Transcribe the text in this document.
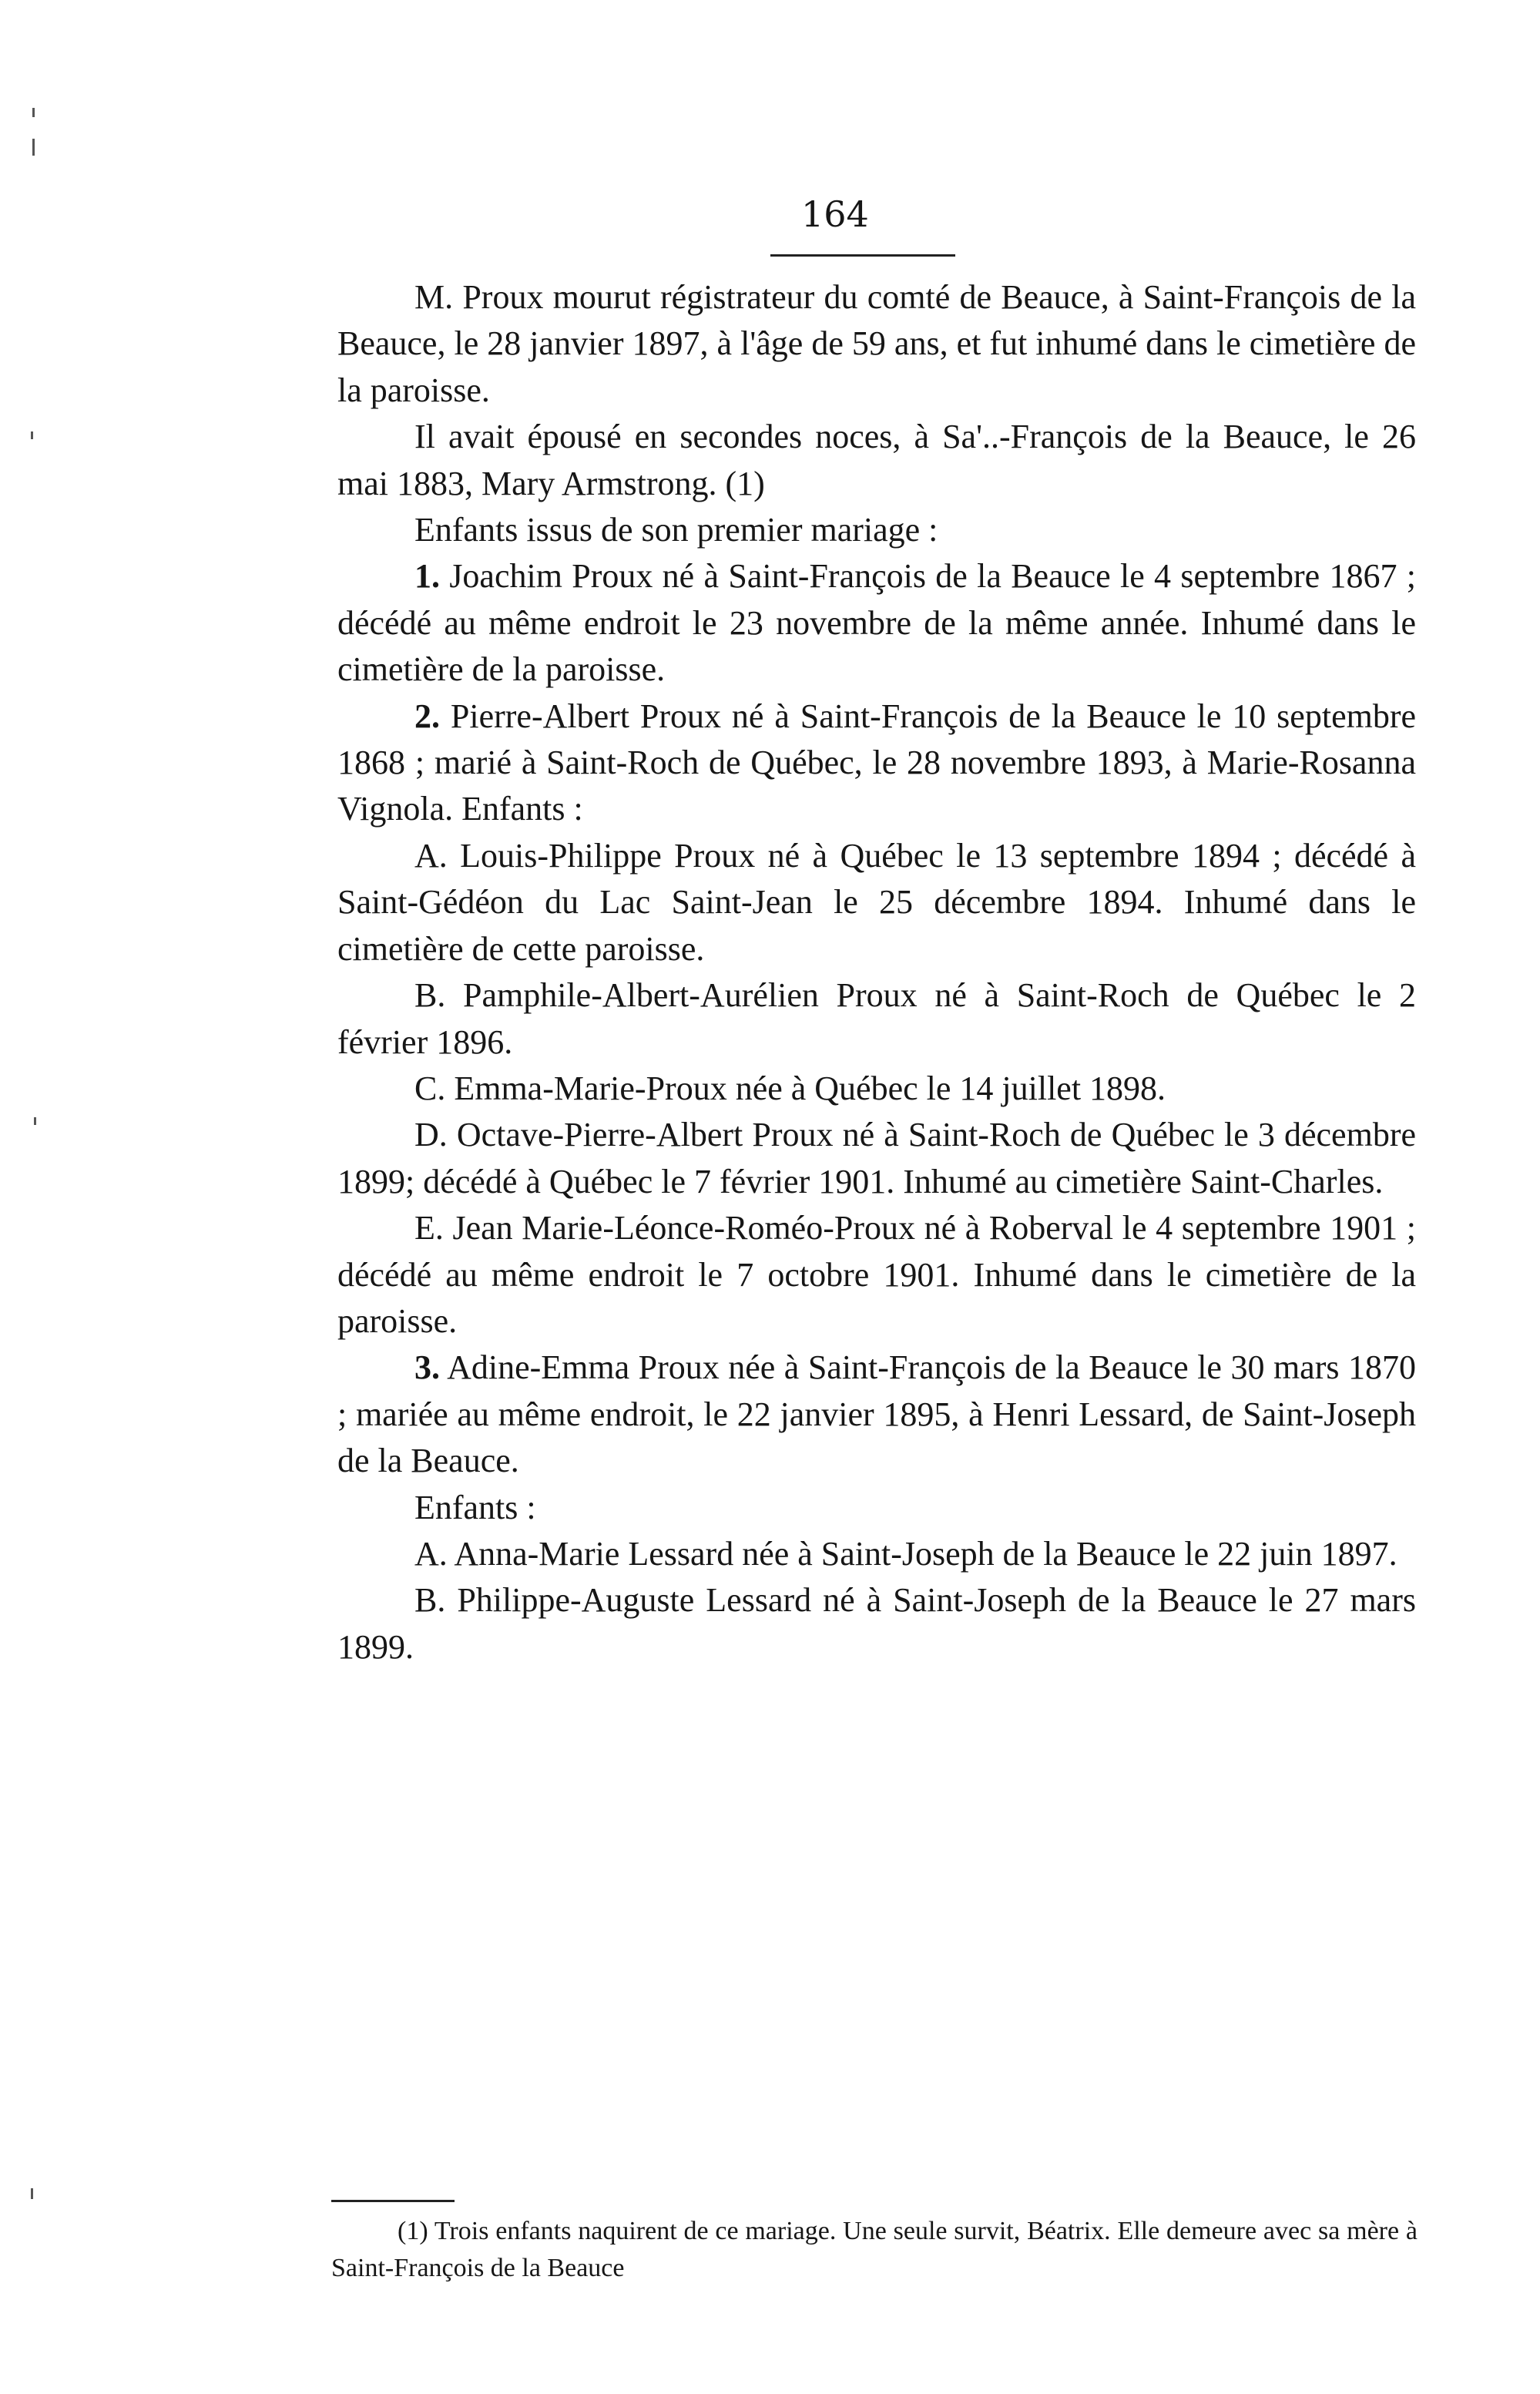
164

M. Proux mourut régistrateur du comté de Beauce, à Saint-François de la Beauce, le 28 janvier 1897, à l'âge de 59 ans, et fut inhumé dans le cimetière de la paroisse.

Il avait épousé en secondes noces, à Sa'..-François de la Beauce, le 26 mai 1883, Mary Armstrong. (1)

Enfants issus de son premier mariage :

1. Joachim Proux né à Saint-François de la Beauce le 4 septembre 1867 ; décédé au même endroit le 23 novembre de la même année. Inhumé dans le cimetière de la paroisse.

2. Pierre-Albert Proux né à Saint-François de la Beauce le 10 septembre 1868 ; marié à Saint-Roch de Québec, le 28 novembre 1893, à Marie-Rosanna Vignola. Enfants :

A. Louis-Philippe Proux né à Québec le 13 septembre 1894 ; décédé à Saint-Gédéon du Lac Saint-Jean le 25 décembre 1894. Inhumé dans le cimetière de cette paroisse.

B. Pamphile-Albert-Aurélien Proux né à Saint-Roch de Québec le 2 février 1896.

C. Emma-Marie-Proux née à Québec le 14 juillet 1898.

D. Octave-Pierre-Albert Proux né à Saint-Roch de Québec le 3 décembre 1899; décédé à Québec le 7 février 1901. Inhumé au cimetière Saint-Charles.

E. Jean Marie-Léonce-Roméo-Proux né à Roberval le 4 septembre 1901 ; décédé au même endroit le 7 octobre 1901. Inhumé dans le cimetière de la paroisse.

3. Adine-Emma Proux née à Saint-François de la Beauce le 30 mars 1870 ; mariée au même endroit, le 22 janvier 1895, à Henri Lessard, de Saint-Joseph de la Beauce.

Enfants :

A. Anna-Marie Lessard née à Saint-Joseph de la Beauce le 22 juin 1897.

B. Philippe-Auguste Lessard né à Saint-Joseph de la Beauce le 27 mars 1899.

(1) Trois enfants naquirent de ce mariage. Une seule survit, Béatrix. Elle demeure avec sa mère à Saint-François de la Beauce
